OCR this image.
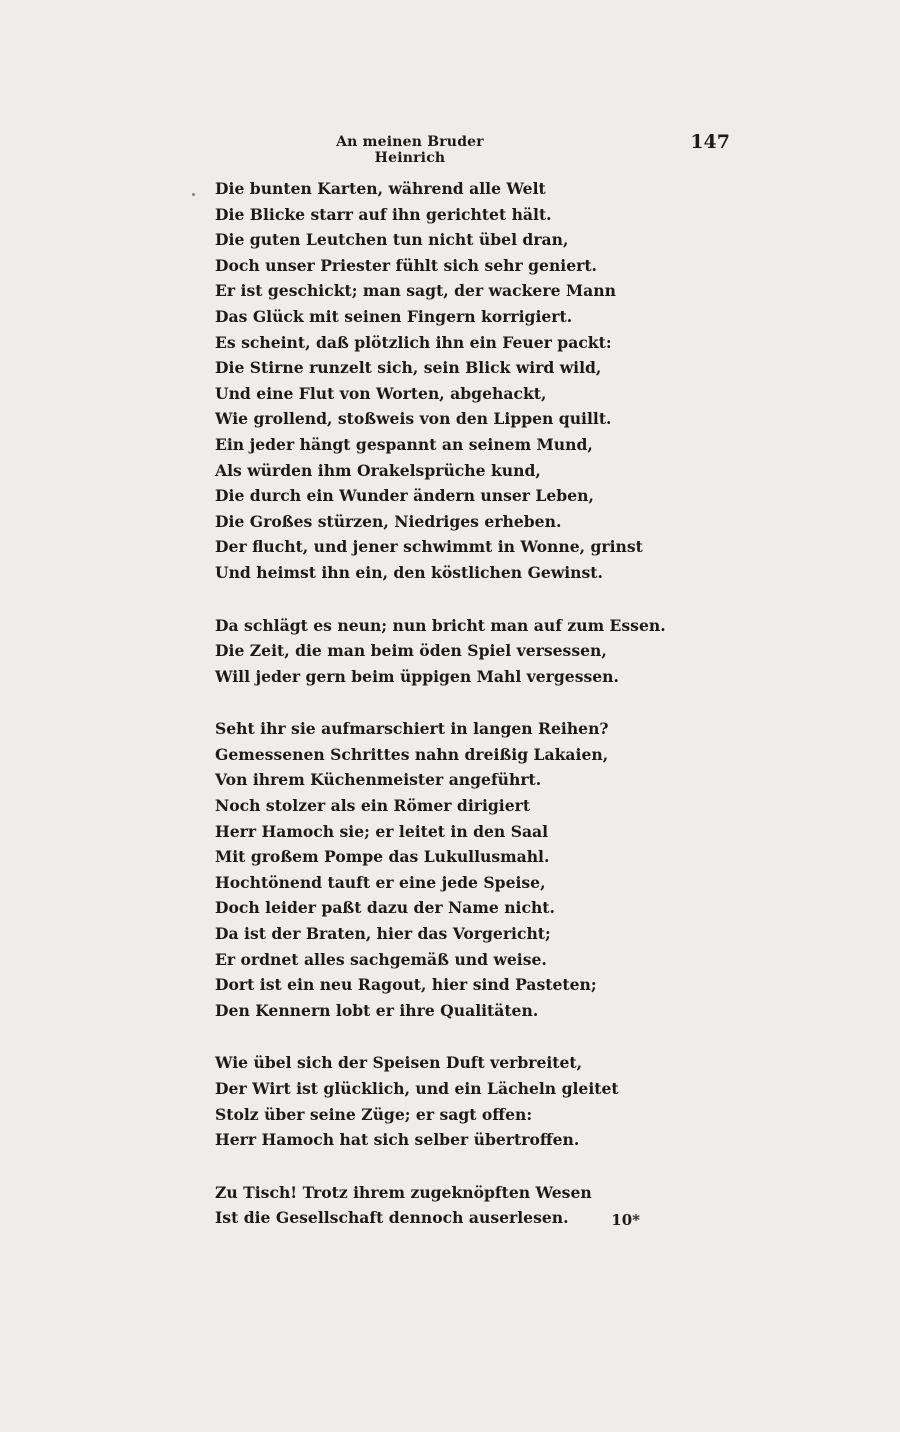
An meinen Bruder Heinrich
147
Die bunten Karten, während alle Welt
Die Blicke starr auf ihn gerichtet hält.
Die guten Leutchen tun nicht übel dran,
Doch unser Priester fühlt sich sehr geniert.
Er ist geschickt; man sagt, der wackere Mann
Das Glück mit seinen Fingern korrigiert.
Es scheint, daß plötzlich ihn ein Feuer packt:
Die Stirne runzelt sich, sein Blick wird wild,
Und eine Flut von Worten, abgehackt,
Wie grollend, stoßweis von den Lippen quillt.
Ein jeder hängt gespannt an seinem Mund,
Als würden ihm Orakelsprüche kund,
Die durch ein Wunder ändern unser Leben,
Die Großes stürzen, Niedriges erheben.
Der flucht, und jener schwimmt in Wonne, grinst
Und heimst ihn ein, den köstlichen Gewinst.
Da schlägt es neun; nun bricht man auf zum Essen.
Die Zeit, die man beim öden Spiel versessen,
Will jeder gern beim üppigen Mahl vergessen.
Seht ihr sie aufmarschiert in langen Reihen?
Gemessenen Schrittes nahn dreißig Lakaien,
Von ihrem Küchenmeister angeführt.
Noch stolzer als ein Römer dirigiert
Herr Hamoch sie; er leitet in den Saal
Mit großem Pompe das Lukullusmahl.
Hochtönend tauft er eine jede Speise,
Doch leider paßt dazu der Name nicht.
Da ist der Braten, hier das Vorgericht;
Er ordnet alles sachgemäß und weise.
Dort ist ein neu Ragout, hier sind Pasteten;
Den Kennern lobt er ihre Qualitäten.
Wie übel sich der Speisen Duft verbreitet,
Der Wirt ist glücklich, und ein Lächeln gleitet
Stolz über seine Züge; er sagt offen:
Herr Hamoch hat sich selber übertroffen.
Zu Tisch! Trotz ihrem zugeknöpften Wesen
Ist die Gesellschaft dennoch auserlesen.	10*
